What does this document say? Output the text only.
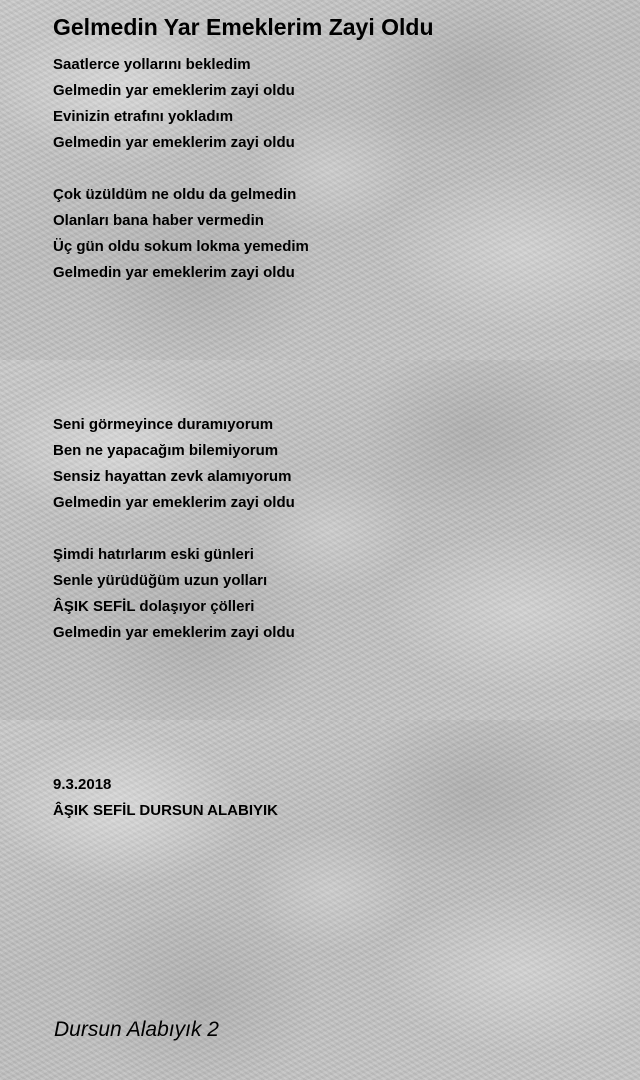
Gelmedin Yar Emeklerim Zayi Oldu
Saatlerce yollarını bekledim
Gelmedin yar emeklerim zayi oldu
Evinizin etrafını yokladım
Gelmedin yar emeklerim zayi oldu
Çok üzüldüm ne oldu da gelmedin
Olanları bana haber vermedin
Üç gün oldu sokum lokma yemedim
Gelmedin yar emeklerim zayi oldu
Seni görmeyince duramıyorum
Ben ne yapacağım bilemiyorum
Sensiz hayattan zevk alamıyorum
Gelmedin yar emeklerim zayi oldu
Şimdi hatırlarım eski günleri
Senle yürüdüğüm uzun yolları
ÂŞIK SEFİL dolaşıyor çölleri
Gelmedin yar emeklerim zayi oldu
9.3.2018
ÂŞIK SEFİL DURSUN ALABIYIK
Dursun Alabıyık 2
